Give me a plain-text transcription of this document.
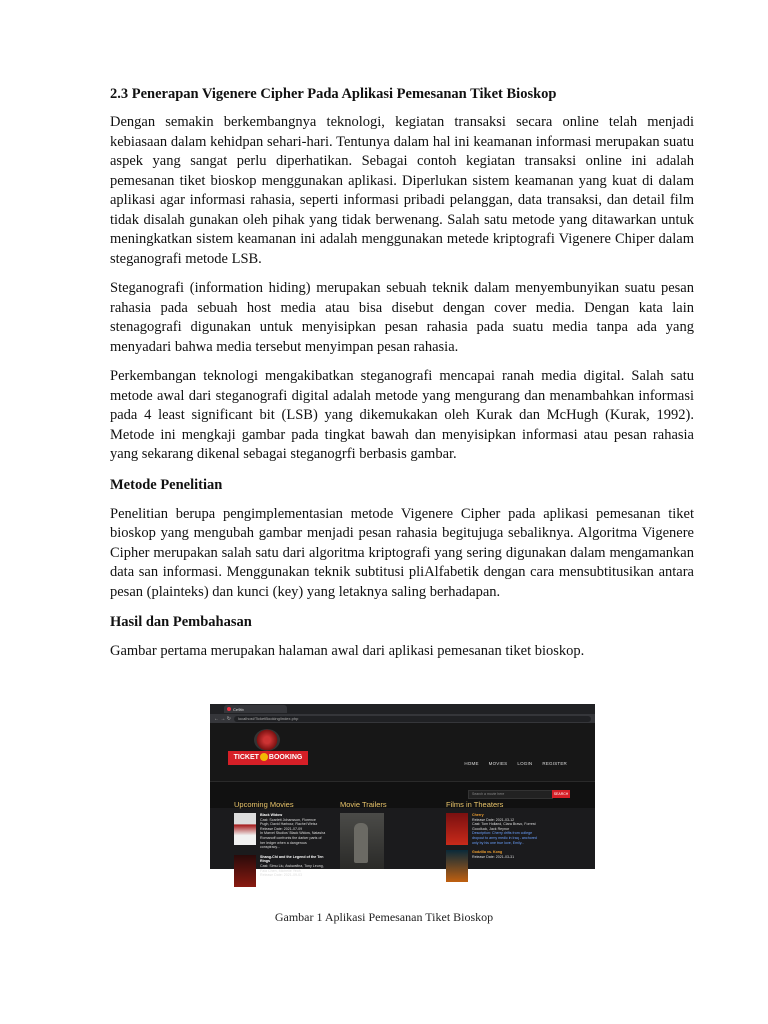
2.3 Penerapan Vigenere Cipher Pada Aplikasi Pemesanan Tiket Bioskop

Dengan semakin berkembangnya teknologi, kegiatan transaksi secara online telah menjadi kebiasaan dalam kehidpan sehari-hari. Tentunya dalam hal ini keamanan informasi merupakan suatu aspek yang sangat perlu diperhatikan. Sebagai contoh kegiatan transaksi online ini adalah pemesanan tiket bioskop menggunakan aplikasi. Diperlukan sistem keamanan yang kuat di dalam aplikasi agar informasi rahasia, seperti informasi pribadi pelanggan, data transaksi, dan detail film tidak disalah gunakan oleh pihak yang tidak berwenang. Salah satu metode yang ditawarkan untuk meningkatkan sistem keamanan ini adalah menggunakan metede kriptografi Vigenere Chiper dalam steganografi metode LSB.

Steganografi (information hiding) merupakan sebuah teknik dalam menyembunyikan suatu pesan rahasia pada sebuah host media atau bisa disebut dengan cover media. Dengan kata lain stenagografi digunakan untuk menyisipkan pesan rahasia pada suatu media tanpa ada yang menyadari bahwa media tersebut menyimpan pesan rahasia.

Perkembangan teknologi mengakibatkan steganografi mencapai ranah media digital. Salah satu metode awal dari steganografi digital adalah metode yang mengurang dan menambahkan informasi pada 4 least significant bit (LSB) yang dikemukakan oleh Kurak dan McHugh (Kurak, 1992). Metode ini mengkaji gambar pada tingkat bawah dan menyisipkan informasi atau pesan rahasia yang sekarang dikenal sebagai steganogrfi berbasis gambar.

Metode Penelitian

Penelitian berupa pengimplementasian metode Vigenere Cipher pada aplikasi pemesanan tiket bioskop yang mengubah gambar menjadi pesan rahasia begitujuga sebaliknya. Algoritma Vigenere Cipher merupakan salah satu dari algoritma kriptografi yang sering digunakan dalam mengamankan data san informasi. Menggunakan teknik subtitusi pliAlfabetik dengan cara mensubtitusikan antara pesan (plainteks) dan kunci (key) yang letaknya saling berhadapan.

Hasil dan Pembahasan

Gambar pertama merupakan halaman awal dari aplikasi pemesanan tiket bioskop.

Ce9tb
← → ↻	localhost/TicketBooking/index.php
TICKET BOOKING
HOME MOVIES LOGIN REGISTER
Search a movie here	SEARCH
Upcoming Movies
Black Widow
Cast: Scarlett Johansson, Florence
Pugh, David Harbour, Rachel Weisz
Release Date: 2021-07-09
In Marvel Studios' Black Widow, Natasha
Romanoff confronts the darker parts of
her ledger when a dangerous
conspiracy...
Shang-Chi and the Legend of the Ten Rings
Cast: Simu Liu, Awkwafina, Tony Leung,
Fala Chen, Michelle Yeoh
Release Date: 2021-09-03
Movie Trailers
The Invisible Man
Films in Theaters
Cherry
Release Date: 2021-03-12
Cast: Tom Holland, Ciara Bravo, Forrest
Goodluck, Jack Reynor
Description: Cherry drifts from college
dropout to army medic in Iraq - anchored
only by his one true love, Emily...
Godzilla vs. Kong
Release Date: 2021-03-31
Gambar 1 Aplikasi Pemesanan Tiket Bioskop
